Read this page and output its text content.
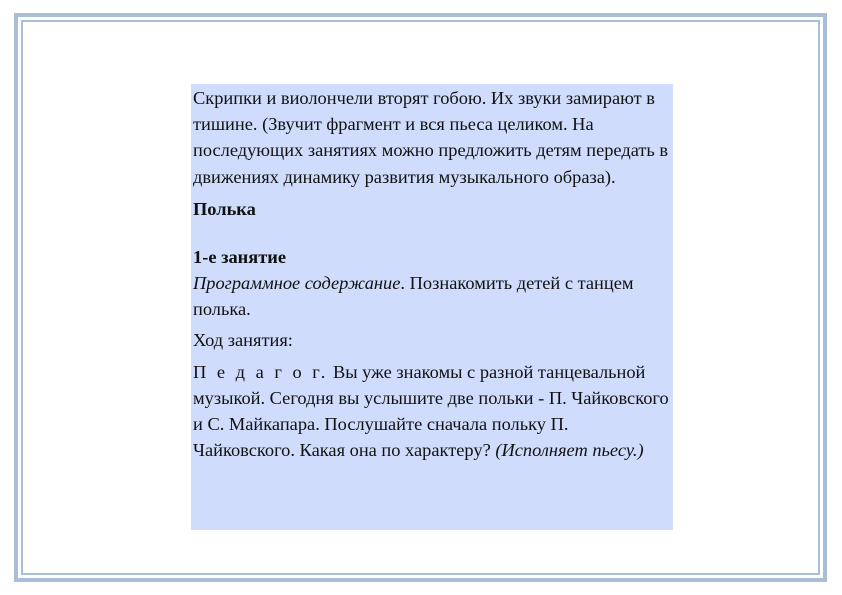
Скрипки и виолончели вторят гобою. Их звуки замирают в тишине. (Звучит фрагмент и вся пьеса целиком. На последующих занятиях можно предложить детям передать в движениях динамику развития музыкального образа).

Полька

1-е занятие

Программное содержание. Познакомить детей с танцем полька.

Ход занятия:

П е д а г о г. Вы уже знакомы с разной танцевальной музыкой. Сегодня вы услышите две польки - П. Чайковского и С. Майкапара. Послушайте сначала польку П. Чайковского. Какая она по характеру? (Исполняет пьесу.)
